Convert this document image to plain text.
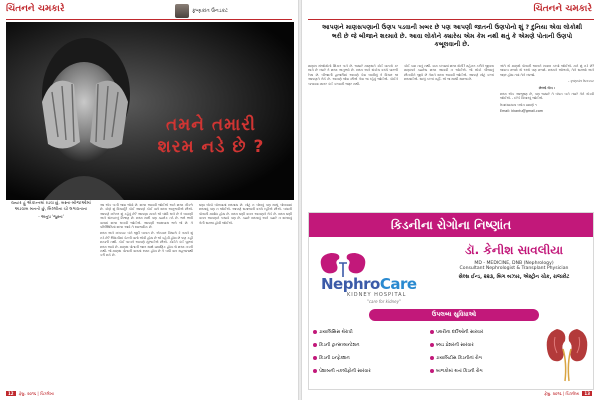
ચિંતનને ચમકારે	કૃષ્ણકાંત ઉનડકટ
તમને તમારી
શરમ નડે છે ?
જ્યાર હું એકાન્તમાં રડવા છું, બસ્તા-બીજાઓમાં અડવાબ બનતો છું, બિલ્લીના ચો લગાવતાના
- અનુપ 'જુસ્તા'

આ એક બની જવા જેવો છે. શરમ આવવી જોઈએ અને શરમ નીકળે છે. કોણે શું વિચાર્યુ? કોઈ આપણે કોઈ વાતે શરમ અનુભવીએ છીએ. આપણે ખરેખર શું કહેવું છે? આપણા મનને જે બાંધી રાખે છે તે લાગણી અને સંસ્કારનું મિશ્રણ છે. શરમ સારી પણ ક્યારેક નડે છે. ભલે ભલી વાતમાં શરમ રાખવી જોઈએ. આપણી આસપાસ ભલે જે છે. તે પરિસ્થિતિમાં શરમ આવે તે સ્વાભાવિક છે.

શરમ અને ખચકાટ બંને જુદી બાબત છે. એકવાર વિચારો કે તમને શું નડે છે? જિંદગીમાં કેટલી વાતો એવી હોય છે જે કહેવી હોય છે પણ કહી શકાતી નથી. કોઈ બાબતે આપણે મૂંઝાઈએ છીએ. કોઈને કંઈ પૂછતાં શરમ આવે છે. માણસ પોતાની જાત સાથે પ્રમાણિક હોય તો શરમ નડતી નથી. જે માણસ પોતાની વાતમાં સ્પષ્ટ હોય છે તે બધી વાત સહજતાથી કરી શકે છે.

ઘણા લોકો બોલવામાં શરમાય છે. ખોટું ન બોલવું પણ સાચું બોલવામાં શરમાવું પણ ન જોઈએ. આપણે સમાજની વચ્ચે રહીએ છીએ. બધાની પોતાની મર્યાદા હોય છે. શરમ ઘણી વખત આપણને રોકે છે. શરમ ઘણી વખત આપણને બચાવે પણ છે. ક્યારે શરમાવું અને ક્યારે ન શરમાવું તેની સમજ હોવી જોઈએ.

12	ફેબ્રુ. ૨૦૧૬ | ચિત્રલેખા
ચિંતનને ચમકારે
આપણને માણસપણાની ઉણપ પડવાની ખબર છે પણ આપણી જાતની ઉણપોનો શું ? દુનિયા એવા લોકોથી ભરી છે જે બીજાને શરમાવે છે. આવા લોકોને ક્યારેય એમ કેમ નથી થતું કે એમણે પોતાની ઉણપો કબૂલવાની છે.

માણસ સંજોગોનો શિકાર બને છે. જ્યારે માણસને કોઈ વાતનો ડર લાગે છે ત્યારે તે શરમ અનુભવે છે. શરમ અને સંકોચ વચ્ચે પાતળી રેખા છે. બીજાની હાજરીમાં આપણે કેવા લાગીશું તે વિચાર જ આપણને રોકે છે. આપણે જેવા છીએ તેવા જ રહેવું જોઈએ. કોઈને બતાવવા ખાતર કંઈ કરવાની જરૂર નથી.

કોઈ કામ નાનું નથી. કામ કરવામાં શરમ શેની? મહેનત કરીને જીવતા માણસને ક્યારેય શરમ આવવી ન જોઈએ. જે લોકો બીજાનું છીનવીને જીવે છે તેમને શરમ આવવી જોઈએ. આપણે ખોટું કરતાં શરમાઈએ. સાચું કરતાં નહીં. એ જ સાચી સમજ છે.

અંતે તો માણસે પોતાની જાતને સવાલ કરવો જોઈએ. મને શું નડે છે? જવાબ મળશે તો રસ્તો પણ મળશે. શરમને ઓળખો, તેને સમજો અને જરૂર હોય ત્યાં તેને ત્યજો.

- કૃષ્ણકાંત ઉનડકટ

છેલ્લો લેખ :

શરમ એક આભૂષણ છે, પણ જ્યારે તે બંધન બને ત્યારે તેને તોડવી જોઈએ. - દરેકે વિચારવું જોઈએ.

ઉપાધ્યાયના બ્લૉગ પ્રમાણે ૧

Email: kkantu@gmail.com

કિડનીના રોગોના નિષ્ણાંત
NephroCare
KIDNEY HOSPITAL
"care for kidney"
ડૉ. કેનીશ સાવલીયા
MD - MEDICINE, DNB (Nephrology)
Consultant Nephrologist & Transplant Physician
સેલ્સ ઈન્ડ, ૨૨૩, બિગ બઝાર, એસ્ટ્રોન ચોક, રાજકોટ
ઉપલબ્ધ સુવિધાઓ
ડાયાલિસિસ થેરાપી	પથરીના દર્દીઓની સારવાર
કિડની ટ્રાન્સપ્લાન્ટેશન	બ્લડ પ્રેશરની સારવાર
કિડની ઇન્ફેક્શન	ડાયાબિટીસ કિડનીનાં રોગ
પેશાબની તકલીફોની સારવાર	બાળકોમાં થતાં કિડની રોગ
ફેબ્રુ. ૨૦૧૬ | ચિત્રલેખા	13
